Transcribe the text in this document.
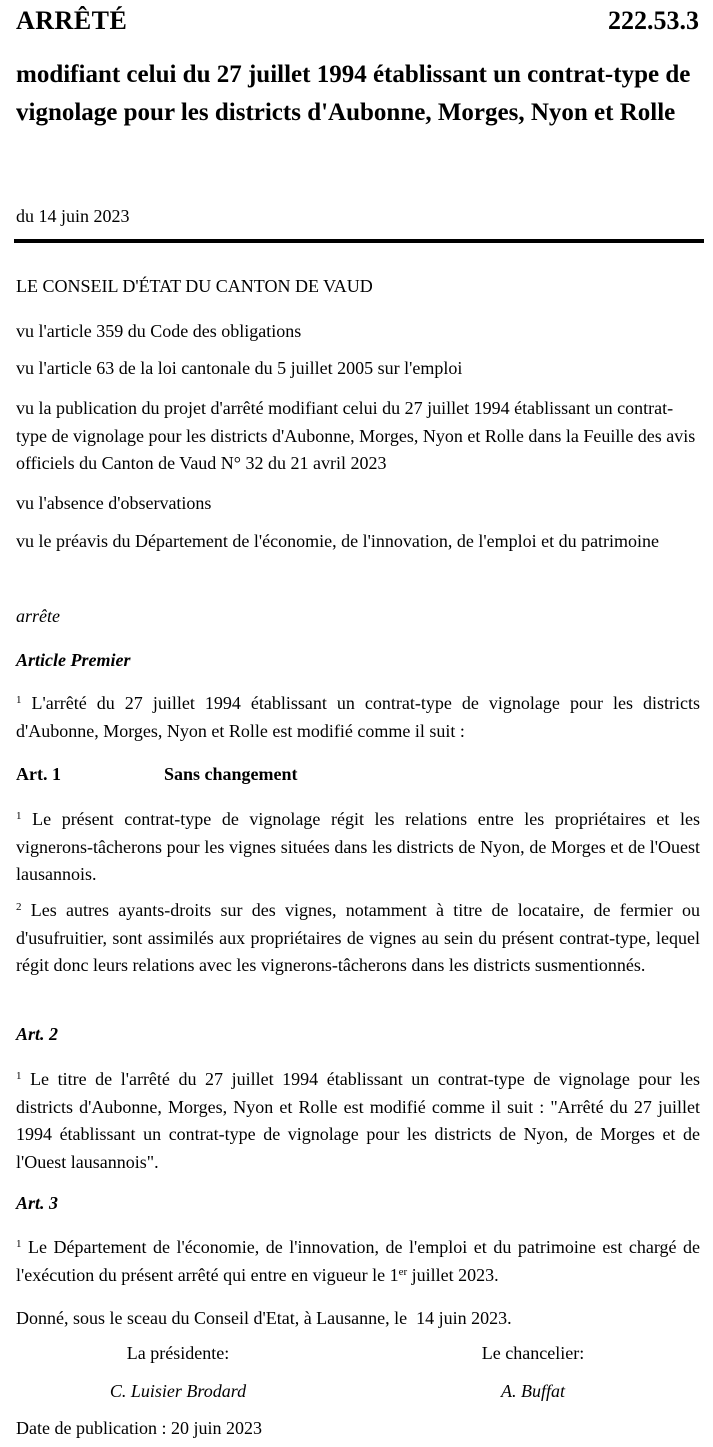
ARRÊTÉ	222.53.3
modifiant celui du 27 juillet 1994 établissant un contrat-type de vignolage pour les districts d'Aubonne, Morges, Nyon et Rolle
du 14 juin 2023
LE CONSEIL D'ÉTAT DU CANTON DE VAUD
vu l'article 359 du Code des obligations
vu l'article 63 de la loi cantonale du 5 juillet 2005 sur l'emploi
vu la publication du projet d'arrêté modifiant celui du 27 juillet 1994 établissant un contrat-type de vignolage pour les districts d'Aubonne, Morges, Nyon et Rolle dans la Feuille des avis officiels du Canton de Vaud N° 32 du 21 avril 2023
vu l'absence d'observations
vu le préavis du Département de l'économie, de l'innovation, de l'emploi et du patrimoine
arrête
Article Premier
$^1$ L'arrêté du 27 juillet 1994 établissant un contrat-type de vignolage pour les districts d'Aubonne, Morges, Nyon et Rolle est modifié comme il suit :
Art. 1	Sans changement
$^1$ Le présent contrat-type de vignolage régit les relations entre les propriétaires et les vignerons-tâcherons pour les vignes situées dans les districts de Nyon, de Morges et de l'Ouest lausannois.
$^2$ Les autres ayants-droits sur des vignes, notamment à titre de locataire, de fermier ou d'usufruitier, sont assimilés aux propriétaires de vignes au sein du présent contrat-type, lequel régit donc leurs relations avec les vignerons-tâcherons dans les districts susmentionnés.
Art. 2
$^1$ Le titre de l'arrêté du 27 juillet 1994 établissant un contrat-type de vignolage pour les districts d'Aubonne, Morges, Nyon et Rolle est modifié comme il suit : "Arrêté du 27 juillet 1994 établissant un contrat-type de vignolage pour les districts de Nyon, de Morges et de l'Ouest lausannois".
Art. 3
$^1$ Le Département de l'économie, de l'innovation, de l'emploi et du patrimoine est chargé de l'exécution du présent arrêté qui entre en vigueur le 1er juillet 2023.
Donné, sous le sceau du Conseil d'Etat, à Lausanne, le  14 juin 2023.
La présidente:	Le chancelier:
C. Luisier Brodard	A. Buffat
Date de publication : 20 juin 2023
